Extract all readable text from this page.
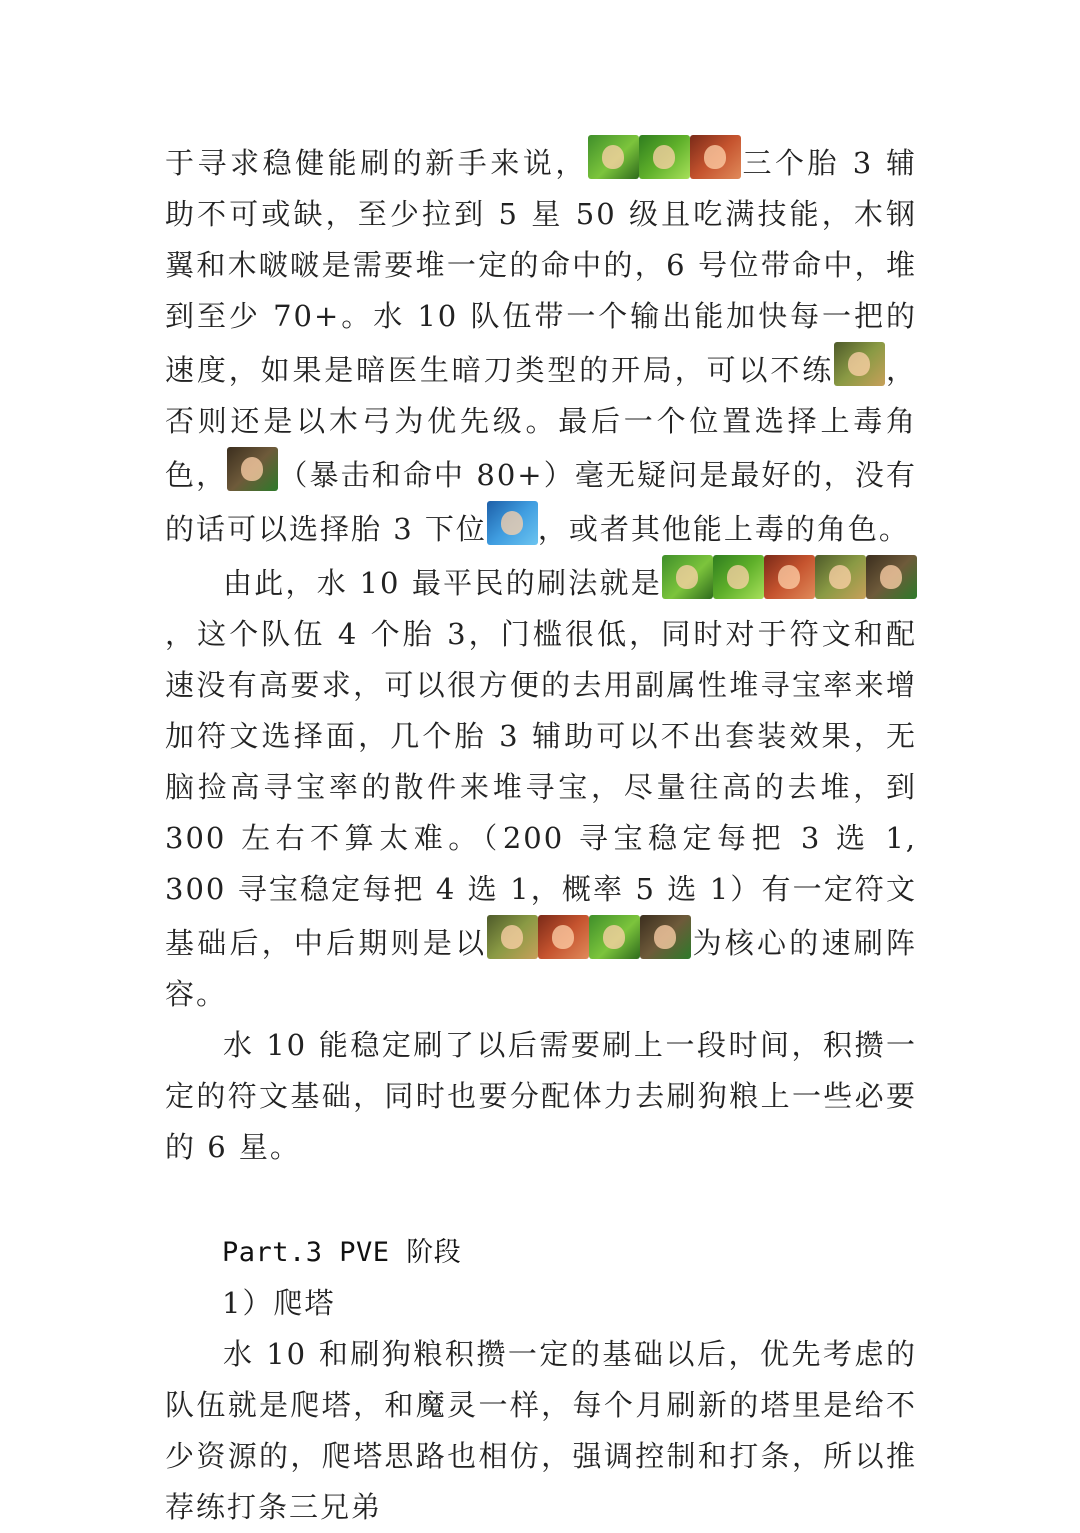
于寻求稳健能刷的新手来说，	三个胎 3 辅助不可或缺，至少拉到 5 星 50 级且吃满技能，木钢翼和木啵啵是需要堆一定的命中的，6 号位带命中，堆到至少 70+。水 10 队伍带一个输出能加快每一把的速度，如果是暗医生暗刀类型的开局，可以不练 ，否则还是以木弓为优先级。最后一个位置选择上毒角色， （暴击和命中 80+）毫无疑问是最好的，没有的话可以选择胎 3 下位 ，或者其他能上毒的角色。

由此，水 10 最平民的刷法就是
，这个队伍 4 个胎 3，门槛很低，同时对于符文和配速没有高要求，可以很方便的去用副属性堆寻宝率来增加符文选择面，几个胎 3 辅助可以不出套装效果，无脑捡高寻宝率的散件来堆寻宝，尽量往高的去堆，到 300 左右不算太难。（200 寻宝稳定每把 3 选 1, 300 寻宝稳定每把 4 选 1，概率 5 选 1）有一定符文基础后，中后期则是以	为核心的速刷阵容。

水 10 能稳定刷了以后需要刷上一段时间，积攒一定的符文基础，同时也要分配体力去刷狗粮上一些必要的 6 星。

Part.3 PVE 阶段

1）爬塔

水 10 和刷狗粮积攒一定的基础以后，优先考虑的队伍就是爬塔，和魔灵一样，每个月刷新的塔里是给不少资源的，爬塔思路也相仿，强调控制和打条，所以推荐练打条三兄弟
